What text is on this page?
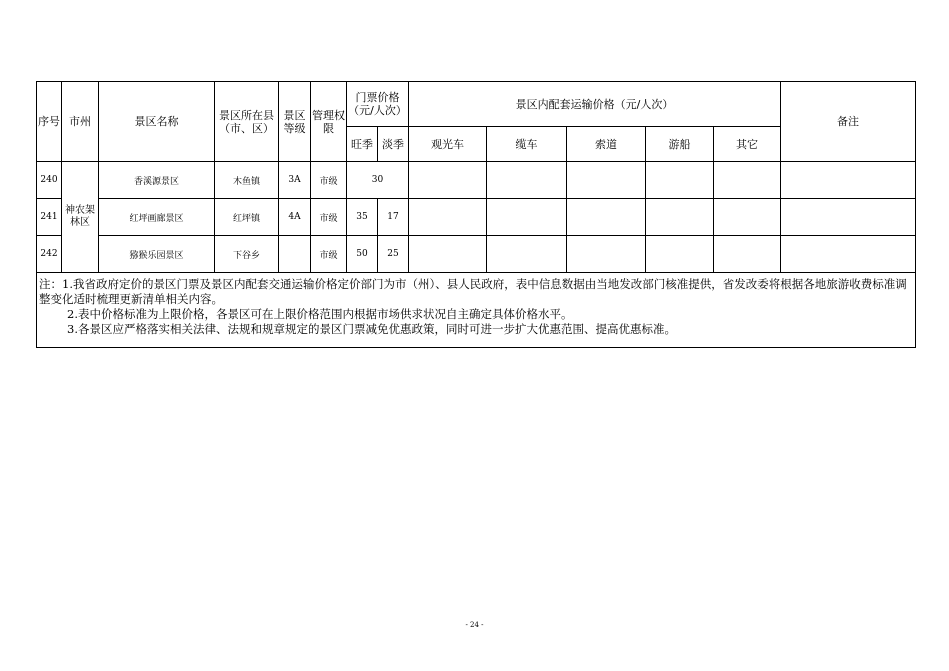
序号	市州	景区名称	景区所在县（市、区）	景区等级	管理权限	门票价格（元/人次）		景区内配套运输价格（元/人次）					备注
						旺季	淡季	观光车	缆车	索道	游船	其它	
240	神农架林区	香溪源景区	木鱼镇	3A	市级	30							
241		红坪画廊景区	红坪镇	4A	市级	35	17						
242		猕猴乐园景区	下谷乡		市级	50	25						

注：1.我省政府定价的景区门票及景区内配套交通运输价格定价部门为市（州）、县人民政府，表中信息数据由当地发改部门核准提供，省发改委将根据各地旅游收费标准调整变化适时梳理更新清单相关内容。

2.表中价格标准为上限价格，各景区可在上限价格范围内根据市场供求状况自主确定具体价格水平。

3.各景区应严格落实相关法律、法规和规章规定的景区门票减免优惠政策，同时可进一步扩大优惠范围、提高优惠标准。													

- 24 -
